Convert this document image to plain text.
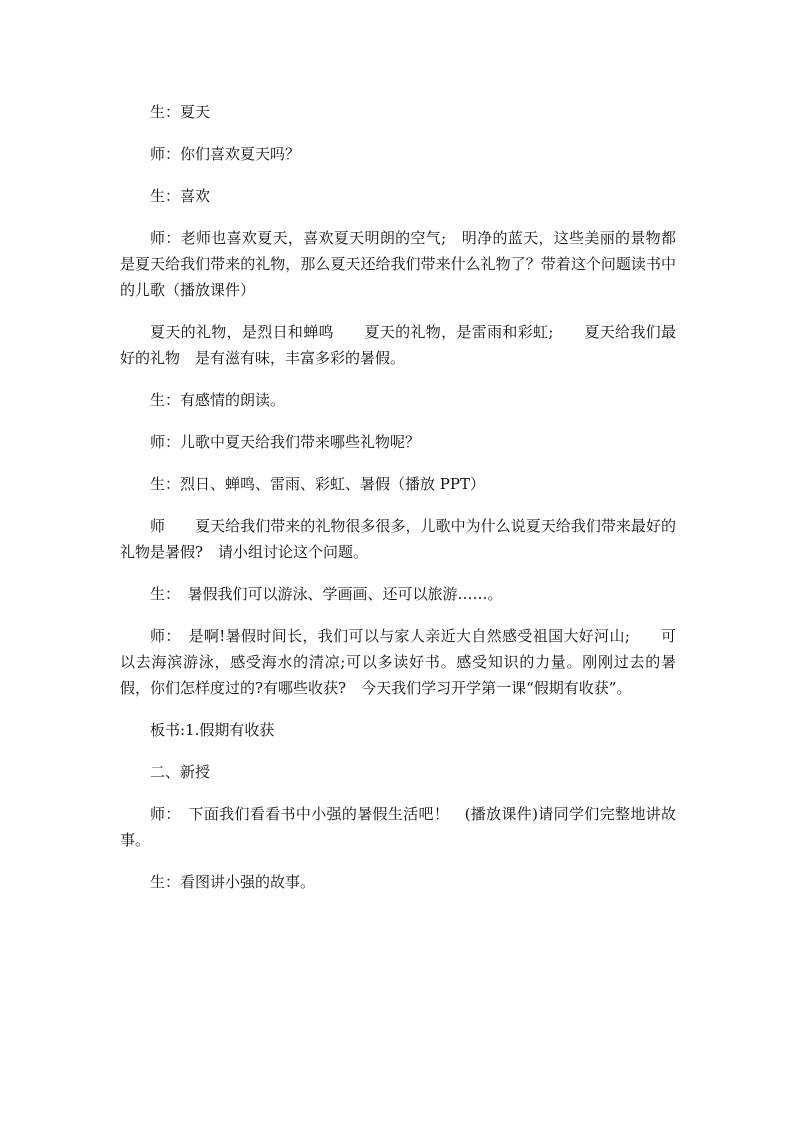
生：夏天

师：你们喜欢夏天吗？

生：喜欢

师：老师也喜欢夏天，喜欢夏天明朗的空气;　明净的蓝天，这些美丽的景物都是夏天给我们带来的礼物，那么夏天还给我们带来什么礼物了？带着这个问题读书中的儿歌（播放课件）

夏天的礼物，是烈日和蝉鸣　　夏天的礼物，是雷雨和彩虹;　　夏天给我们最好的礼物　是有滋有味，丰富多彩的暑假。

生：有感情的朗读。

师：儿歌中夏天给我们带来哪些礼物呢？

生：烈日、蝉鸣、雷雨、彩虹、暑假（播放 PPT）

师　　夏天给我们带来的礼物很多很多，儿歌中为什么说夏天给我们带来最好的礼物是暑假?　请小组讨论这个问题。

生：　暑假我们可以游泳、学画画、还可以旅游……。

师：　是啊!暑假时间长，我们可以与家人亲近大自然感受祖国大好河山;　　可以去海滨游泳，感受海水的清凉;可以多读好书。感受知识的力量。刚刚过去的暑假，你们怎样度过的?有哪些收获?　今天我们学习开学第一课“假期有收获”。

板书:1.假期有收获

二、新授

师：　下面我们看看书中小强的暑假生活吧！　(播放课件)请同学们完整地讲故事。

生：看图讲小强的故事。
